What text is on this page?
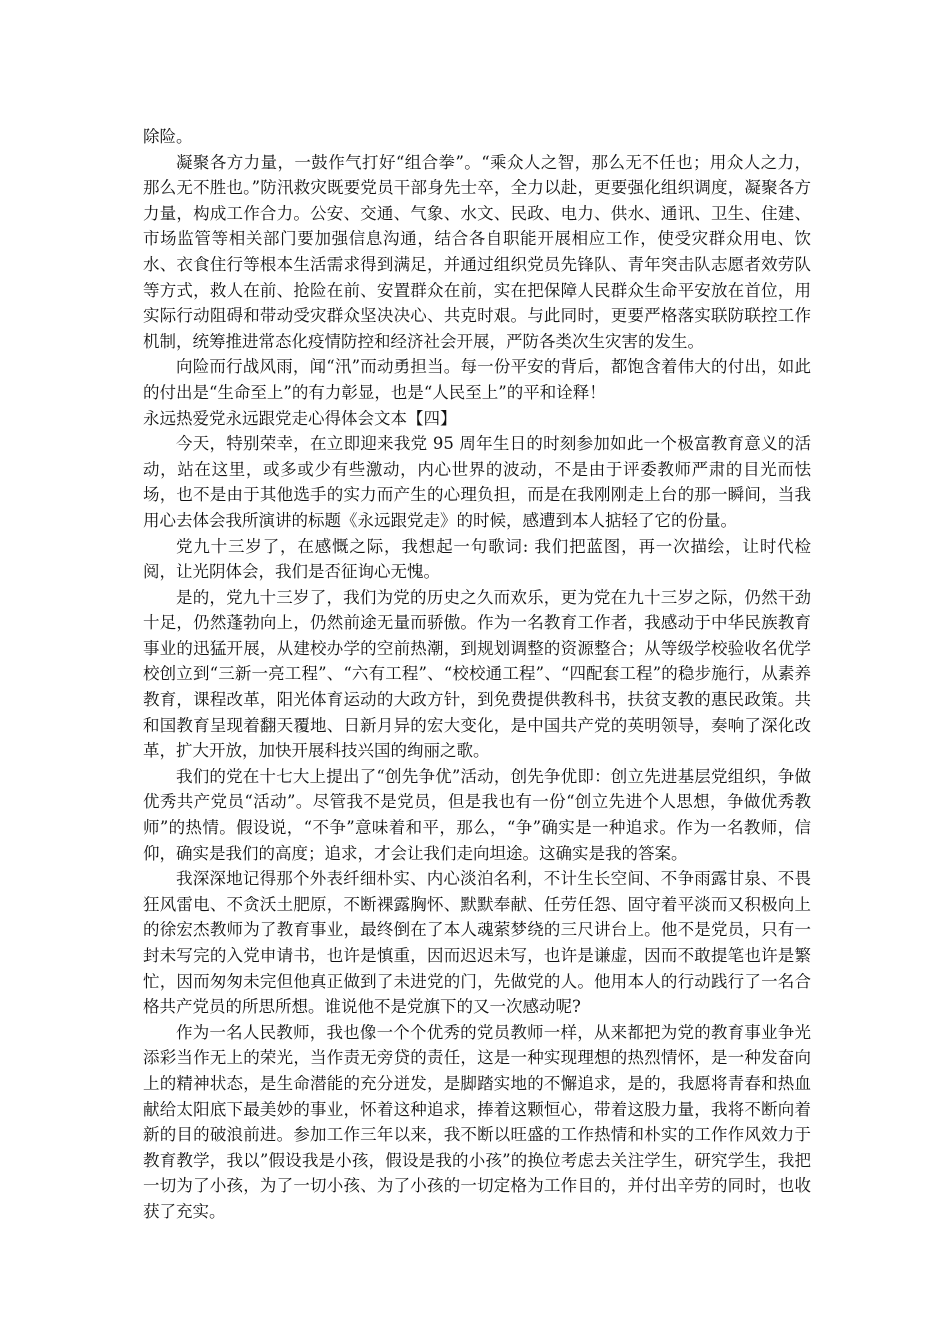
除险。

凝聚各方力量，一鼓作气打好“组合拳”。“乘众人之智，那么无不任也；用众人之力，那么无不胜也。”防汛救灾既要党员干部身先士卒，全力以赴，更要强化组织调度，凝聚各方力量，构成工作合力。公安、交通、气象、水文、民政、电力、供水、通讯、卫生、住建、市场监管等相关部门要加强信息沟通，结合各自职能开展相应工作，使受灾群众用电、饮水、衣食住行等根本生活需求得到满足，并通过组织党员先锋队、青年突击队志愿者效劳队等方式，救人在前、抢险在前、安置群众在前，实在把保障人民群众生命平安放在首位，用实际行动阻碍和带动受灾群众坚决决心、共克时艰。与此同时，更要严格落实联防联控工作机制，统筹推进常态化疫情防控和经济社会开展，严防各类次生灾害的发生。

向险而行战风雨，闻“汛”而动勇担当。每一份平安的背后，都饱含着伟大的付出，如此的付出是“生命至上”的有力彰显，也是“人民至上”的平和诠释！

永远热爱党永远跟党走心得体会文本【四】

今天，特别荣幸，在立即迎来我党 95 周年生日的时刻参加如此一个极富教育意义的活动，站在这里，或多或少有些激动，内心世界的波动，不是由于评委教师严肃的目光而怯场，也不是由于其他选手的实力而产生的心理负担，而是在我刚刚走上台的那一瞬间，当我用心去体会我所演讲的标题《永远跟党走》的时候，感遭到本人掂轻了它的份量。

党九十三岁了，在感慨之际，我想起一句歌词: 我们把蓝图，再一次描绘，让时代检阅，让光阴体会，我们是否征询心无愧。

是的，党九十三岁了，我们为党的历史之久而欢乐，更为党在九十三岁之际，仍然干劲十足，仍然蓬勃向上，仍然前途无量而骄傲。作为一名教育工作者，我感动于中华民族教育事业的迅猛开展，从建校办学的空前热潮，到规划调整的资源整合；从等级学校验收名优学校创立到“三新一亮工程”、“六有工程”、“校校通工程”、“四配套工程”的稳步施行，从素养教育，课程改革，阳光体育运动的大政方针，到免费提供教科书，扶贫支教的惠民政策。共和国教育呈现着翻天覆地、日新月异的宏大变化，是中国共产党的英明领导，奏响了深化改革，扩大开放，加快开展科技兴国的绚丽之歌。

我们的党在十七大上提出了“创先争优”活动，创先争优即：创立先进基层党组织，争做优秀共产党员“活动”。尽管我不是党员，但是我也有一份“创立先进个人思想，争做优秀教师”的热情。假设说，“不争”意味着和平，那么，“争”确实是一种追求。作为一名教师，信仰，确实是我们的高度；追求，才会让我们走向坦途。这确实是我的答案。

我深深地记得那个外表纤细朴实、内心淡泊名利，不计生长空间、不争雨露甘泉、不畏狂风雷电、不贪沃土肥原，不断裸露胸怀、默默奉献、任劳任怨、固守着平淡而又积极向上的徐宏杰教师为了教育事业，最终倒在了本人魂萦梦绕的三尺讲台上。他不是党员，只有一封未写完的入党申请书，也许是慎重，因而迟迟未写，也许是谦虚，因而不敢提笔也许是繁忙，因而匆匆未完但他真正做到了未进党的门，先做党的人。他用本人的行动践行了一名合格共产党员的所思所想。谁说他不是党旗下的又一次感动呢?

作为一名人民教师，我也像一个个优秀的党员教师一样，从来都把为党的教育事业争光添彩当作无上的荣光，当作责无旁贷的责任，这是一种实现理想的热烈情怀，是一种发奋向上的精神状态，是生命潜能的充分迸发，是脚踏实地的不懈追求，是的，我愿将青春和热血献给太阳底下最美妙的事业，怀着这种追求，捧着这颗恒心，带着这股力量，我将不断向着新的目的破浪前进。参加工作三年以来，我不断以旺盛的工作热情和朴实的工作作风效力于教育教学，我以”假设我是小孩，假设是我的小孩”的换位考虑去关注学生，研究学生，我把一切为了小孩，为了一切小孩、为了小孩的一切定格为工作目的，并付出辛劳的同时，也收获了充实。
